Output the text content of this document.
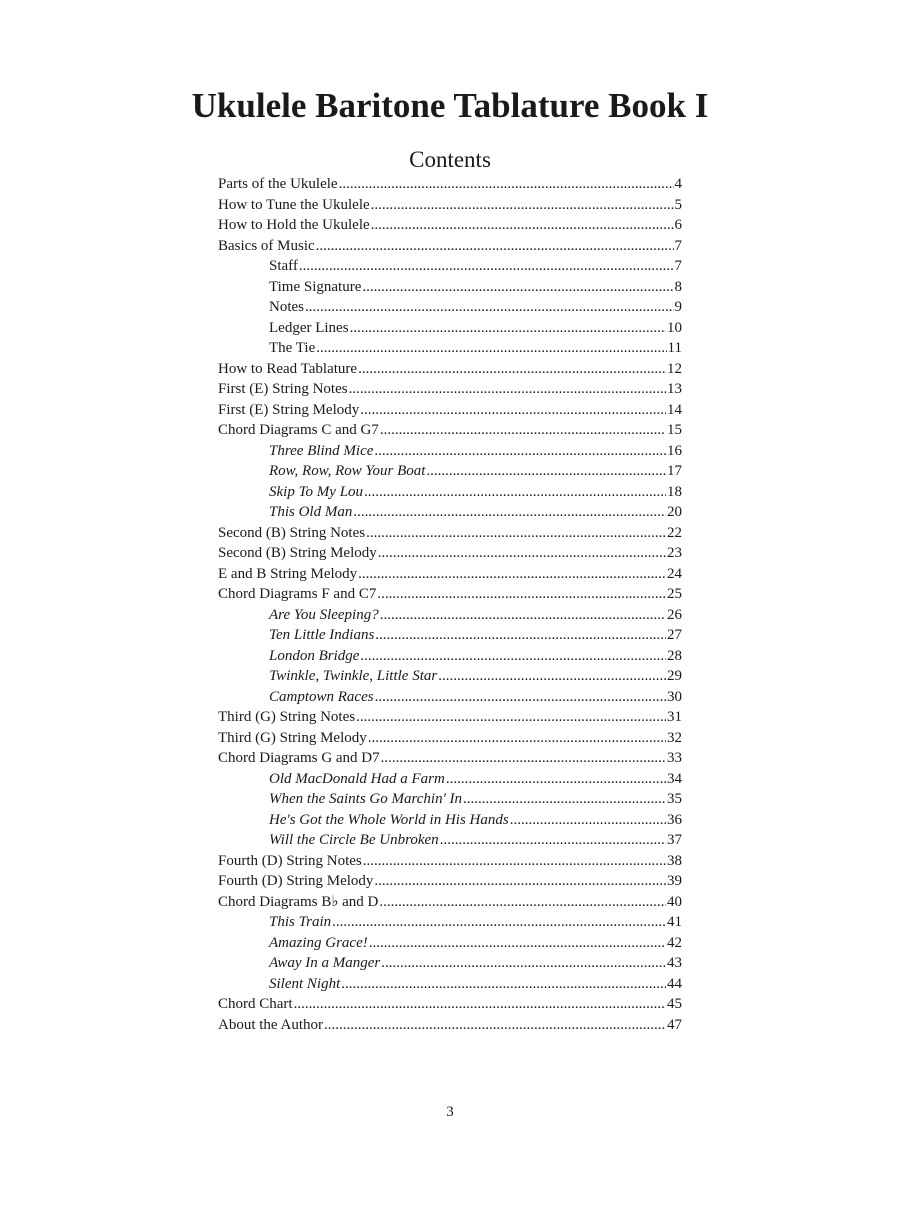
Ukulele Baritone Tablature Book I
Contents
Parts of the Ukulele .....	4
How to Tune the Ukulele .....	5
How to Hold the Ukulele .....	6
Basics of Music .....	7
Staff .....	7
Time Signature .....	8
Notes .....	9
Ledger Lines .....	10
The Tie .....	11
How to Read Tablature .....	12
First (E) String Notes .....	13
First (E) String Melody .....	14
Chord Diagrams C and G7 .....	15
Three Blind Mice .....	16
Row, Row, Row Your Boat .....	17
Skip To My Lou .....	18
This Old Man .....	20
Second (B) String Notes .....	22
Second (B) String Melody .....	23
E and B String Melody .....	24
Chord Diagrams F and C7 .....	25
Are You Sleeping? .....	26
Ten Little Indians .....	27
London Bridge .....	28
Twinkle, Twinkle, Little Star .....	29
Camptown Races .....	30
Third (G) String Notes .....	31
Third (G) String Melody .....	32
Chord Diagrams G and D7 .....	33
Old MacDonald Had a Farm .....	34
When the Saints Go Marchin' In .....	35
He's Got the Whole World in His Hands .....	36
Will the Circle Be Unbroken .....	37
Fourth (D) String Notes .....	38
Fourth (D) String Melody .....	39
Chord Diagrams B♭ and D .....	40
This Train .....	41
Amazing Grace! .....	42
Away In a Manger .....	43
Silent Night .....	44
Chord Chart .....	45
About the Author .....	47
3
